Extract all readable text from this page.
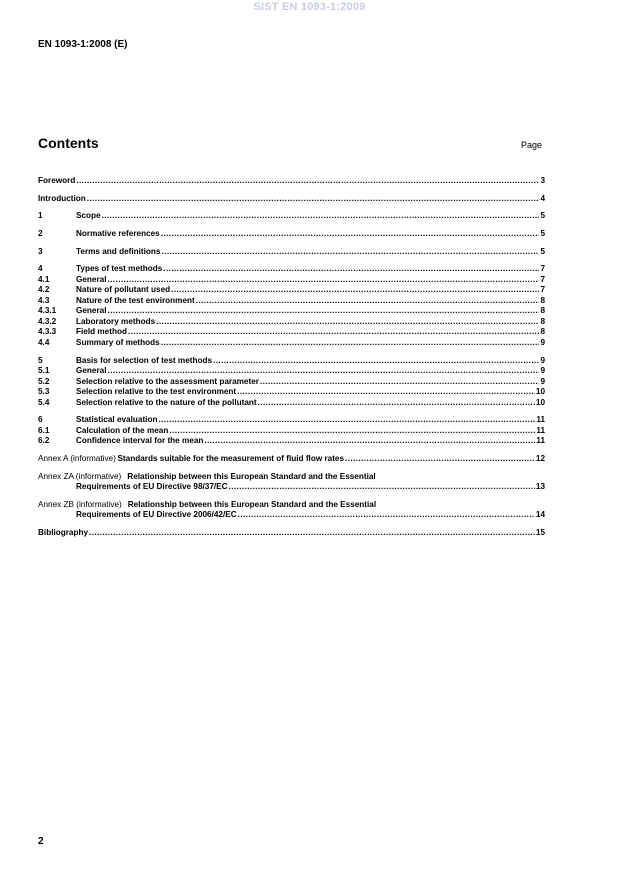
SIST EN 1093-1:2009
EN 1093-1:2008 (E)
Contents	Page
Foreword .....	3
Introduction .....	4
1	Scope .....	5
2	Normative references .....	5
3	Terms and definitions .....	5
4	Types of test methods .....	7
4.1	General .....	7
4.2	Nature of pollutant used .....	7
4.3	Nature of the test environment .....	8
4.3.1	General .....	8
4.3.2	Laboratory methods .....	8
4.3.3	Field method .....	8
4.4	Summary of methods .....	9
5	Basis for selection of test methods .....	9
5.1	General .....	9
5.2	Selection relative to the assessment parameter .....	9
5.3	Selection relative to the test environment .....	10
5.4	Selection relative to the nature of the pollutant .....	10
6	Statistical evaluation .....	11
6.1	Calculation of the mean .....	11
6.2	Confidence interval for the mean .....	11
Annex A (informative) Standards suitable for the measurement of fluid flow rates .....	12
Annex ZA (informative) Relationship between this European Standard and the Essential
Requirements of EU Directive 98/37/EC .....	13
Annex ZB (informative) Relationship between this European Standard and the Essential
Requirements of EU Directive 2006/42/EC .....	14
Bibliography .....	15
2
